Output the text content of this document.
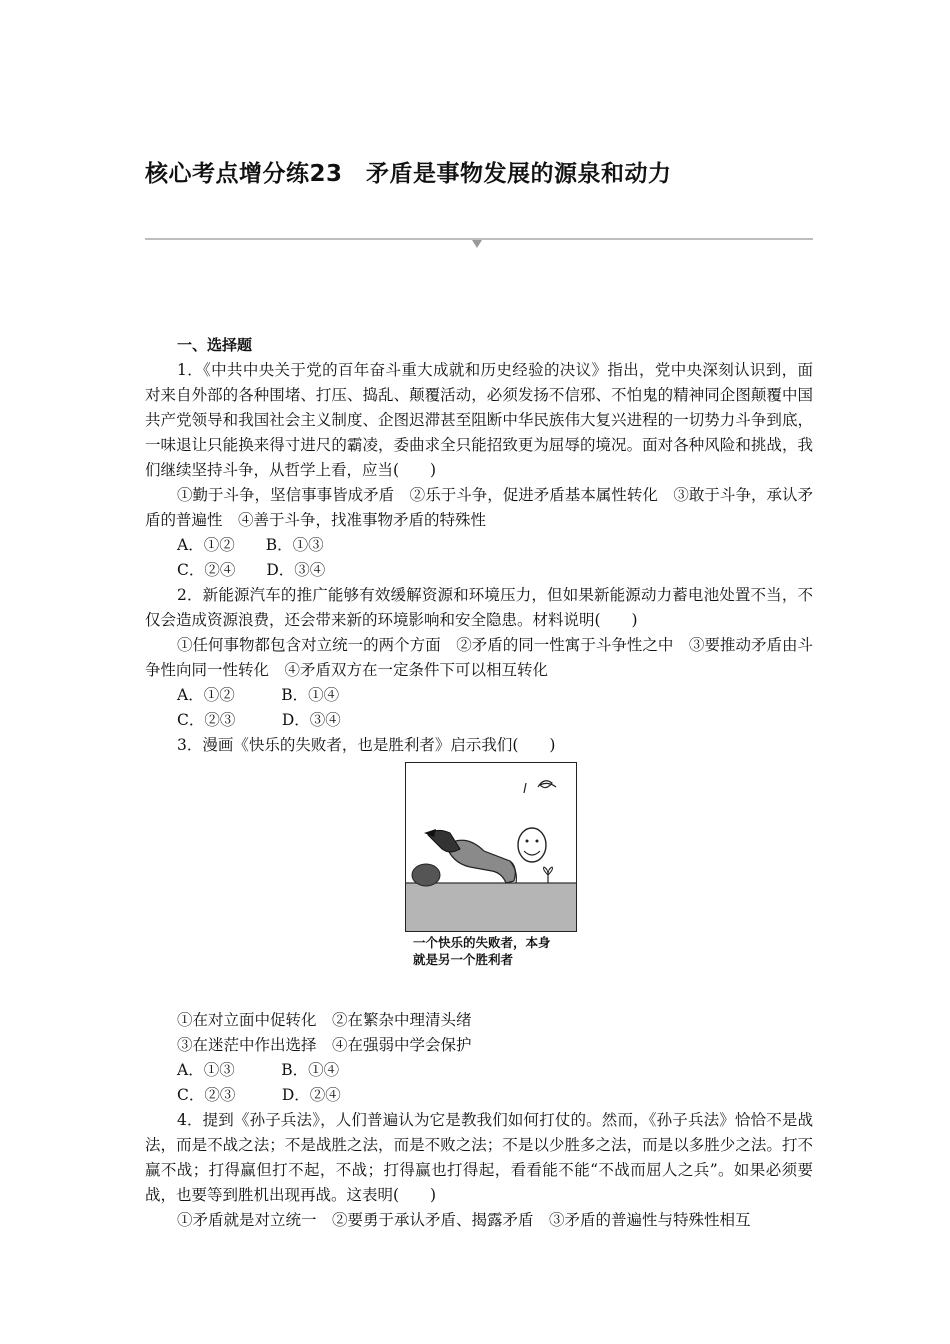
核心考点增分练23　矛盾是事物发展的源泉和动力
一、选择题

1．《中共中央关于党的百年奋斗重大成就和历史经验的决议》指出，党中央深刻认识到，面对来自外部的各种围堵、打压、捣乱、颠覆活动，必须发扬不信邪、不怕鬼的精神同企图颠覆中国共产党领导和我国社会主义制度、企图迟滞甚至阻断中华民族伟大复兴进程的一切势力斗争到底，一味退让只能换来得寸进尺的霸凌，委曲求全只能招致更为屈辱的境况。面对各种风险和挑战，我们继续坚持斗争，从哲学上看，应当(　　)

①勤于斗争，坚信事事皆成矛盾　②乐于斗争，促进矛盾基本属性转化　③敢于斗争，承认矛盾的普遍性　④善于斗争，找准事物矛盾的特殊性

A．①②　　B．①③

C．②④　　D．③④

2．新能源汽车的推广能够有效缓解资源和环境压力，但如果新能源动力蓄电池处置不当，不仅会造成资源浪费，还会带来新的环境影响和安全隐患。材料说明(　　)

①任何事物都包含对立统一的两个方面　②矛盾的同一性寓于斗争性之中　③要推动矛盾由斗争性向同一性转化　④矛盾双方在一定条件下可以相互转化

A．①②　　　B．①④

C．②③　　　D．③④

3．漫画《快乐的失败者，也是胜利者》启示我们(　　)

一个快乐的失败者，本身
就是另一个胜利者

①在对立面中促转化　②在繁杂中理清头绪

③在迷茫中作出选择　④在强弱中学会保护

A．①③　　　B．①④

C．②③　　　D．②④

4．提到《孙子兵法》，人们普遍认为它是教我们如何打仗的。然而，《孙子兵法》恰恰不是战法，而是不战之法；不是战胜之法，而是不败之法；不是以少胜多之法，而是以多胜少之法。打不赢不战；打得赢但打不起，不战；打得赢也打得起，看看能不能“不战而屈人之兵”。如果必须要战，也要等到胜机出现再战。这表明(　　)

①矛盾就是对立统一　②要勇于承认矛盾、揭露矛盾　③矛盾的普遍性与特殊性相互
